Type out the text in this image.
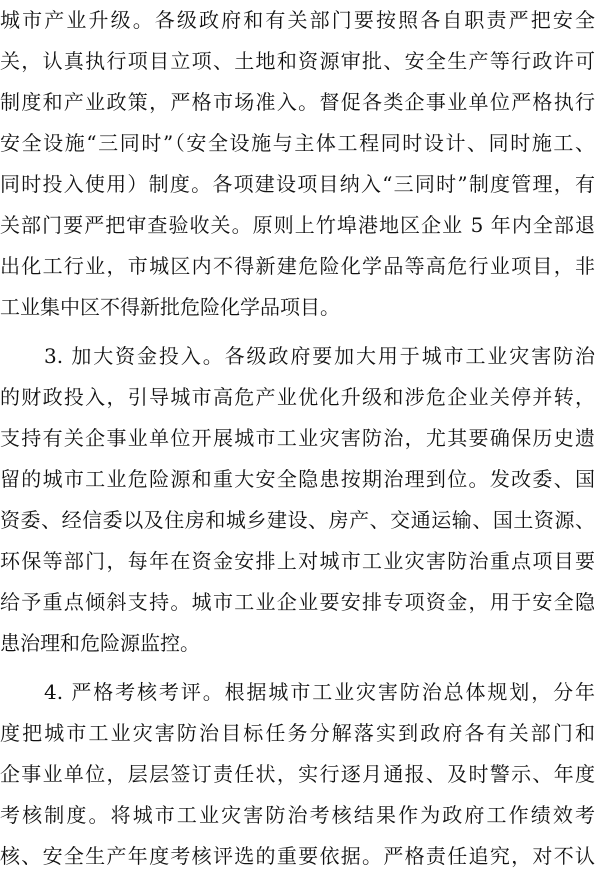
城市产业升级。各级政府和有关部门要按照各自职责严把安全
关，认真执行项目立项、土地和资源审批、安全生产等行政许可
制度和产业政策，严格市场准入。督促各类企事业单位严格执行
安全设施“三同时”（安全设施与主体工程同时设计、同时施工、
同时投入使用）制度。各项建设项目纳入“三同时”制度管理，有
关部门要严把审查验收关。原则上竹埠港地区企业 5 年内全部退
出化工行业，市城区内不得新建危险化学品等高危行业项目，非
工业集中区不得新批危险化学品项目。
3. 加大资金投入。各级政府要加大用于城市工业灾害防治
的财政投入，引导城市高危产业优化升级和涉危企业关停并转，
支持有关企事业单位开展城市工业灾害防治，尤其要确保历史遗
留的城市工业危险源和重大安全隐患按期治理到位。发改委、国
资委、经信委以及住房和城乡建设、房产、交通运输、国土资源、
环保等部门，每年在资金安排上对城市工业灾害防治重点项目要
给予重点倾斜支持。城市工业企业要安排专项资金，用于安全隐
患治理和危险源监控。
4. 严格考核考评。根据城市工业灾害防治总体规划，分年
度把城市工业灾害防治目标任务分解落实到政府各有关部门和
企事业单位，层层签订责任状，实行逐月通报、及时警示、年度
考核制度。将城市工业灾害防治考核结果作为政府工作绩效考
核、安全生产年度考核评选的重要依据。严格责任追究，对不认
